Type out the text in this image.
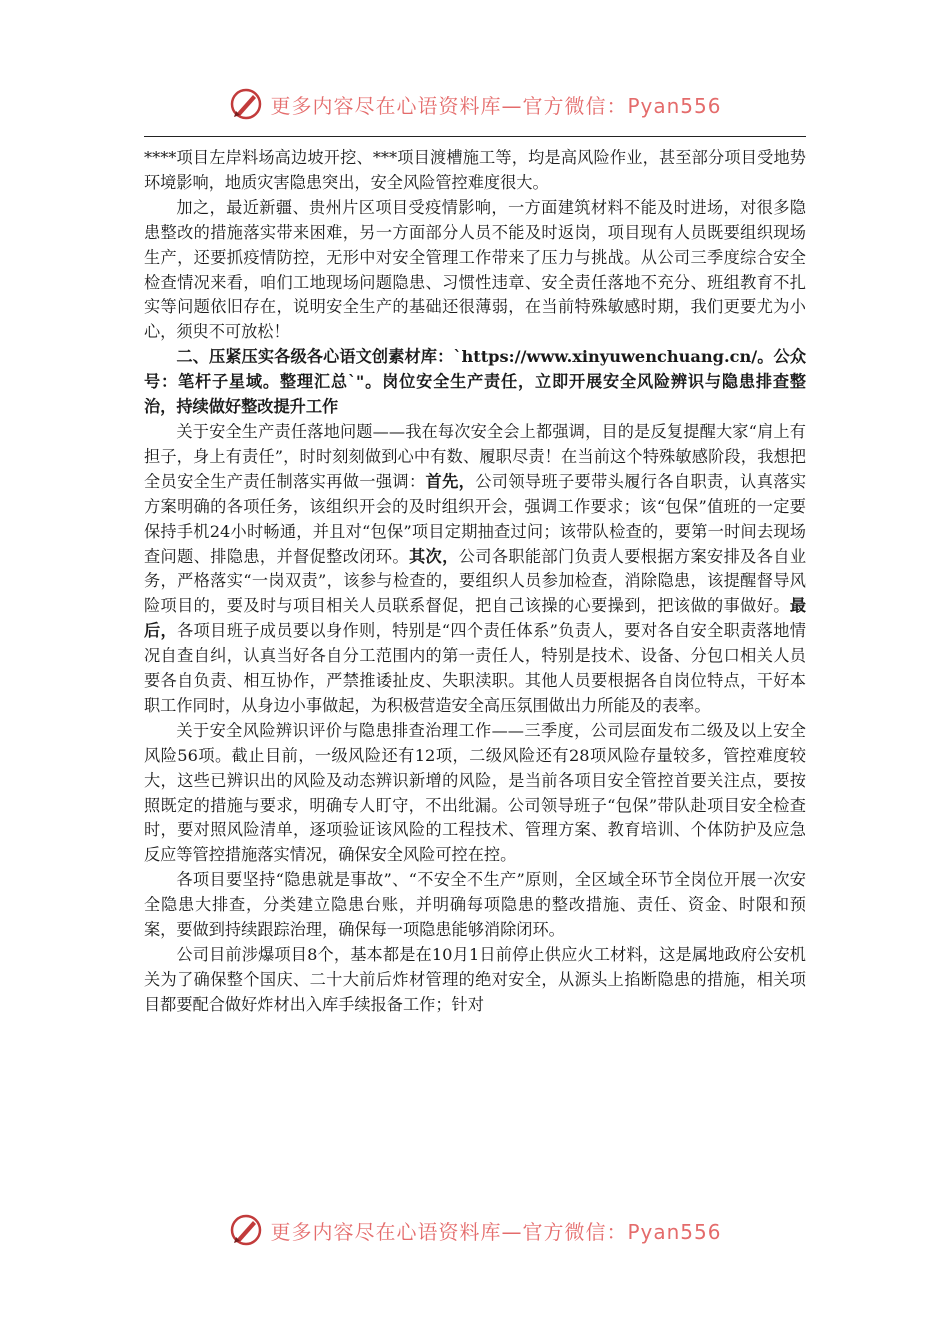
更多内容尽在心语资料库—官方微信：Pyan556

****项目左岸料场高边坡开挖、***项目渡槽施工等，均是高风险作业，甚至部分项目受地势环境影响，地质灾害隐患突出，安全风险管控难度很大。

加之，最近新疆、贵州片区项目受疫情影响，一方面建筑材料不能及时进场，对很多隐患整改的措施落实带来困难，另一方面部分人员不能及时返岗，项目现有人员既要组织现场生产，还要抓疫情防控，无形中对安全管理工作带来了压力与挑战。从公司三季度综合安全检查情况来看，咱们工地现场问题隐患、习惯性违章、安全责任落地不充分、班组教育不扎实等问题依旧存在，说明安全生产的基础还很薄弱，在当前特殊敏感时期，我们更要尤为小心，须臾不可放松！

二、压紧压实各级各心语文创素材库：`https://www.xinyuwenchuang.cn/。公众号：笔杆子星域。整理汇总`"。岗位安全生产责任，立即开展安全风险辨识与隐患排查整治，持续做好整改提升工作

关于安全生产责任落地问题——我在每次安全会上都强调，目的是反复提醒大家“肩上有担子，身上有责任”，时时刻刻做到心中有数、履职尽责！在当前这个特殊敏感阶段，我想把全员安全生产责任制落实再做一强调：首先，公司领导班子要带头履行各自职责，认真落实方案明确的各项任务，该组织开会的及时组织开会，强调工作要求；该“包保”值班的一定要保持手机24小时畅通，并且对“包保”项目定期抽查过问；该带队检查的，要第一时间去现场查问题、排隐患，并督促整改闭环。其次，公司各职能部门负责人要根据方案安排及各自业务，严格落实“一岗双责”，该参与检查的，要组织人员参加检查，消除隐患，该提醒督导风险项目的，要及时与项目相关人员联系督促，把自己该操的心要操到，把该做的事做好。最后，各项目班子成员要以身作则，特别是“四个责任体系”负责人，要对各自安全职责落地情况自查自纠，认真当好各自分工范围内的第一责任人，特别是技术、设备、分包口相关人员要各自负责、相互协作，严禁推诿扯皮、失职渎职。其他人员要根据各自岗位特点，干好本职工作同时，从身边小事做起，为积极营造安全高压氛围做出力所能及的表率。

关于安全风险辨识评价与隐患排查治理工作——三季度，公司层面发布二级及以上安全风险56项。截止目前，一级风险还有12项，二级风险还有28项风险存量较多，管控难度较大，这些已辨识出的风险及动态辨识新增的风险，是当前各项目安全管控首要关注点，要按照既定的措施与要求，明确专人盯守，不出纰漏。公司领导班子“包保”带队赴项目安全检查时，要对照风险清单，逐项验证该风险的工程技术、管理方案、教育培训、个体防护及应急反应等管控措施落实情况，确保安全风险可控在控。

各项目要坚持“隐患就是事故”、“不安全不生产”原则，全区域全环节全岗位开展一次安全隐患大排查，分类建立隐患台账，并明确每项隐患的整改措施、责任、资金、时限和预案，要做到持续跟踪治理，确保每一项隐患能够消除闭环。

公司目前涉爆项目8个，基本都是在10月1日前停止供应火工材料，这是属地政府公安机关为了确保整个国庆、二十大前后炸材管理的绝对安全，从源头上掐断隐患的措施，相关项目都要配合做好炸材出入库手续报备工作；针对

更多内容尽在心语资料库—官方微信：Pyan556
